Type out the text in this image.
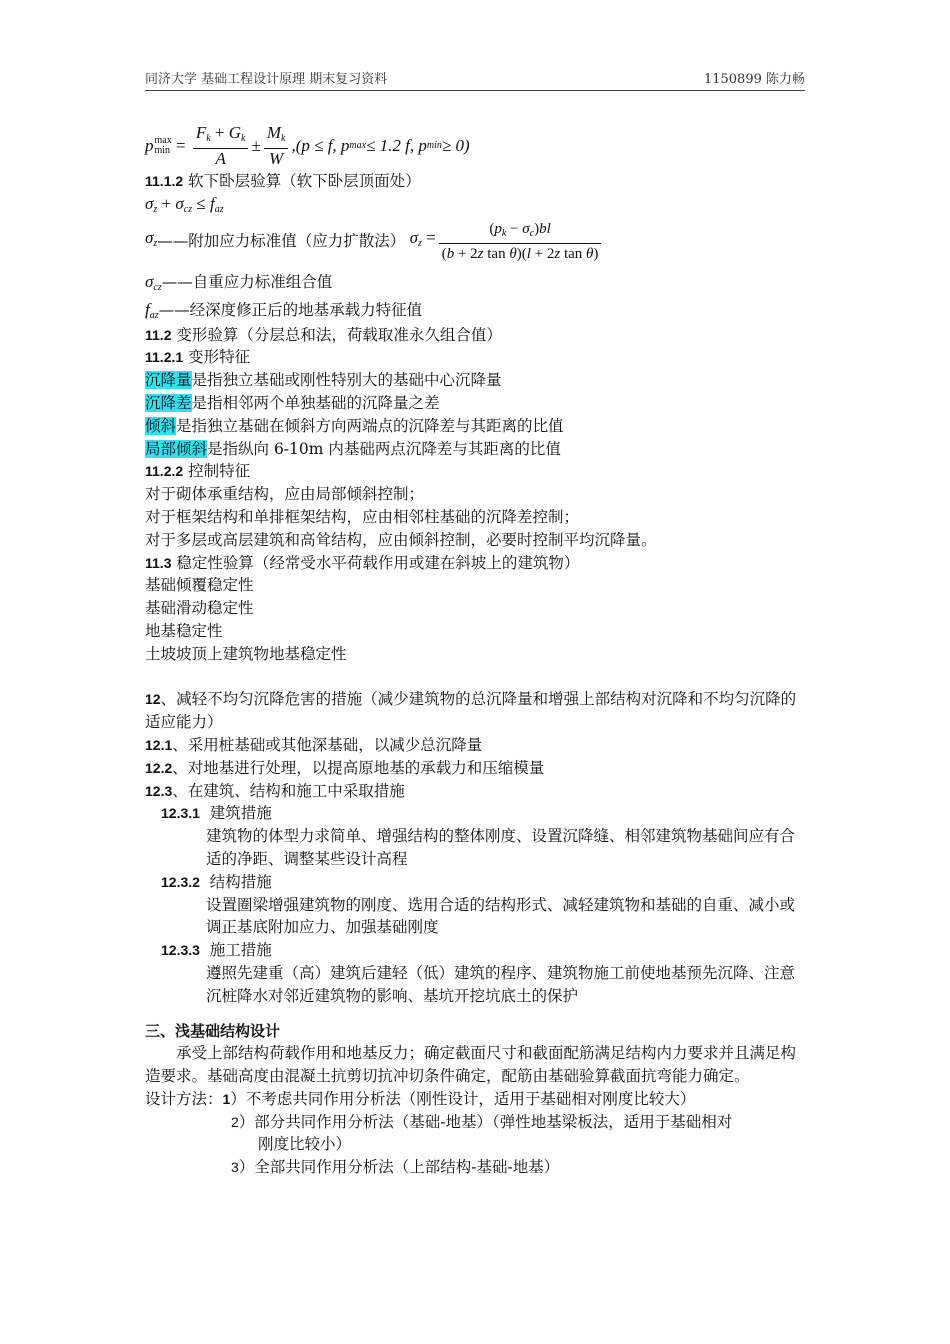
同济大学 基础工程设计原理 期末复习资料	1150899 陈力畅
p max
$\min = \frac{F_k + G_k}{A} \pm \frac{M_k}{W} ,(p \le f$, p max ≤ 1.2 f, p min ≥ 0)
11.1.2 软下卧层验算（软下卧层顶面处）
$\sigma_z + \sigma_{cz} \le f_{az}$
$\sigma_z$ ——附加应力标准值（应力扩散法） $\sigma_z = \frac{(p_k - \sigma_c)bl}{\text{(b + 2z tan θ)(l + 2z tan θ)}}$
$\sigma_{cz}——$自重应力标准组合值
$f_{az}——$经深度修正后的地基承载力特征值
11.2 变形验算（分层总和法，荷载取准永久组合值）
11.2.1 变形特征
沉降量是指独立基础或刚性特别大的基础中心沉降量
沉降差是指相邻两个单独基础的沉降量之差
倾斜是指独立基础在倾斜方向两端点的沉降差与其距离的比值
局部倾斜是指纵向 6-10m 内基础两点沉降差与其距离的比值
11.2.2 控制特征
对于砌体承重结构，应由局部倾斜控制；
对于框架结构和单排框架结构，应由相邻柱基础的沉降差控制；
对于多层或高层建筑和高耸结构，应由倾斜控制，必要时控制平均沉降量。
11.3 稳定性验算（经常受水平荷载作用或建在斜坡上的建筑物）
基础倾覆稳定性
基础滑动稳定性
地基稳定性
土坡坡顶上建筑物地基稳定性
12、减轻不均匀沉降危害的措施（减少建筑物的总沉降量和增强上部结构对沉降和不均匀沉降的适应能力）
12.1、采用桩基础或其他深基础，以减少总沉降量
12.2、对地基进行处理，以提高原地基的承载力和压缩模量
12.3、在建筑、结构和施工中采取措施
12.3.1 建筑措施
建筑物的体型力求简单、增强结构的整体刚度、设置沉降缝、相邻建筑物基础间应有合适的净距、调整某些设计高程
12.3.2 结构措施
设置圈梁增强建筑物的刚度、选用合适的结构形式、减轻建筑物和基础的自重、减小或调正基底附加应力、加强基础刚度
12.3.3 施工措施
遵照先建重（高）建筑后建轻（低）建筑的程序、建筑物施工前使地基预先沉降、注意沉桩降水对邻近建筑物的影响、基坑开挖坑底土的保护
三、浅基础结构设计
承受上部结构荷载作用和地基反力；确定截面尺寸和截面配筋满足结构内力要求并且满足构造要求。基础高度由混凝土抗剪切抗冲切条件确定，配筋由基础验算截面抗弯能力确定。
设计方法：1）不考虑共同作用分析法（刚性设计，适用于基础相对刚度比较大）
2）部分共同作用分析法（基础-地基）（弹性地基梁板法，适用于基础相对
刚度比较小）
3）全部共同作用分析法（上部结构-基础-地基）
